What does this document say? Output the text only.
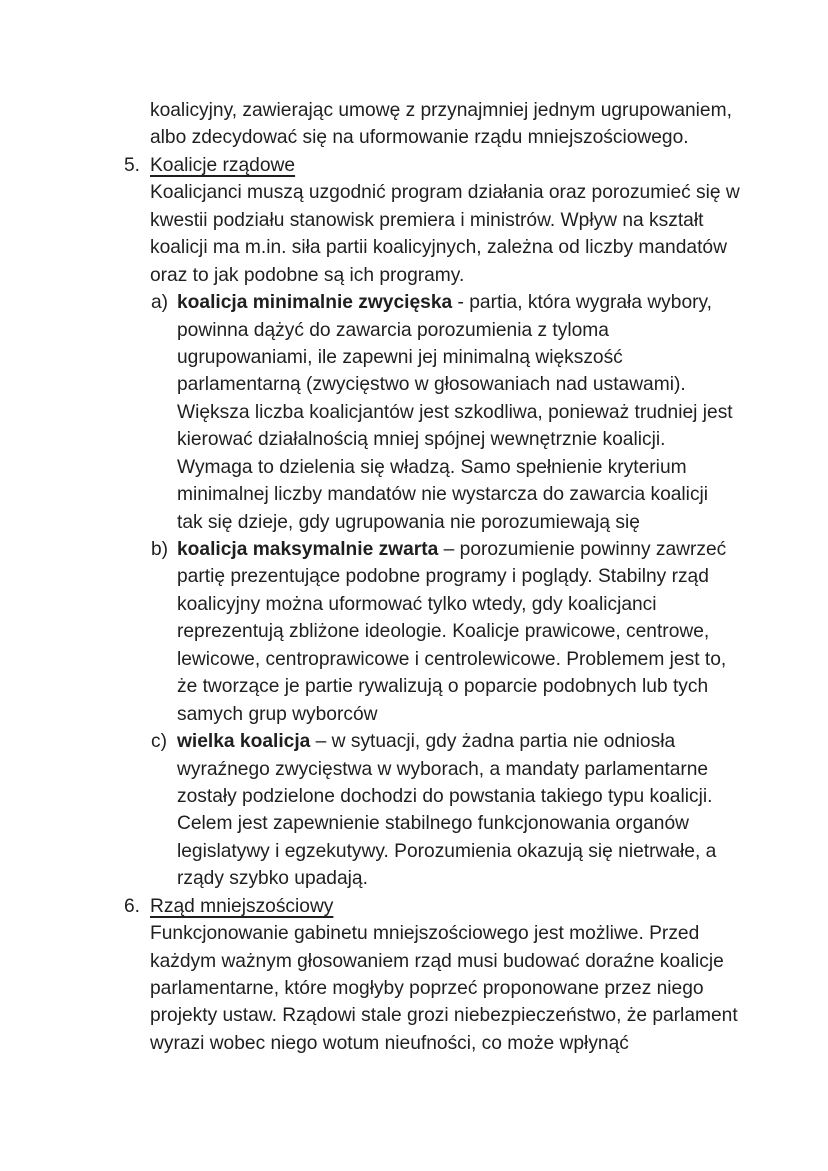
koalicyjny, zawierając umowę z przynajmniej jednym ugrupowaniem,
albo zdecydować się na uformowanie rządu mniejszościowego.
5. Koalicje rządowe
Koalicjanci muszą uzgodnić program działania oraz porozumieć się w
kwestii podziału stanowisk premiera i ministrów. Wpływ na kształt
koalicji ma m.in. siła partii koalicyjnych, zależna od liczby mandatów
oraz to jak podobne są ich programy.
a) koalicja minimalnie zwycięska - partia, która wygrała wybory,
powinna dążyć do zawarcia porozumienia z tyloma
ugrupowaniami, ile zapewni jej minimalną większość
parlamentarną (zwycięstwo w głosowaniach nad ustawami).
Większa liczba koalicjantów jest szkodliwa, ponieważ trudniej jest
kierować działalnością mniej spójnej wewnętrznie koalicji.
Wymaga to dzielenia się władzą. Samo spełnienie kryterium
minimalnej liczby mandatów nie wystarcza do zawarcia koalicji
tak się dzieje, gdy ugrupowania nie porozumiewają się
b) koalicja maksymalnie zwarta – porozumienie powinny zawrzeć
partię prezentujące podobne programy i poglądy. Stabilny rząd
koalicyjny można uformować tylko wtedy, gdy koalicjanci
reprezentują zbliżone ideologie. Koalicje prawicowe, centrowe,
lewicowe, centroprawicowe i centrolewicowe. Problemem jest to,
że tworzące je partie rywalizują o poparcie podobnych lub tych
samych grup wyborców
c) wielka koalicja – w sytuacji, gdy żadna partia nie odniosła
wyraźnego zwycięstwa w wyborach, a mandaty parlamentarne
zostały podzielone dochodzi do powstania takiego typu koalicji.
Celem jest zapewnienie stabilnego funkcjonowania organów
legislatywy i egzekutywy. Porozumienia okazują się nietrwałe, a
rządy szybko upadają.
6. Rząd mniejszościowy
Funkcjonowanie gabinetu mniejszościowego jest możliwe. Przed
każdym ważnym głosowaniem rząd musi budować doraźne koalicje
parlamentarne, które mogłyby poprzeć proponowane przez niego
projekty ustaw. Rządowi stale grozi niebezpieczeństwo, że parlament
wyrazi wobec niego wotum nieufności, co może wpłynąć
